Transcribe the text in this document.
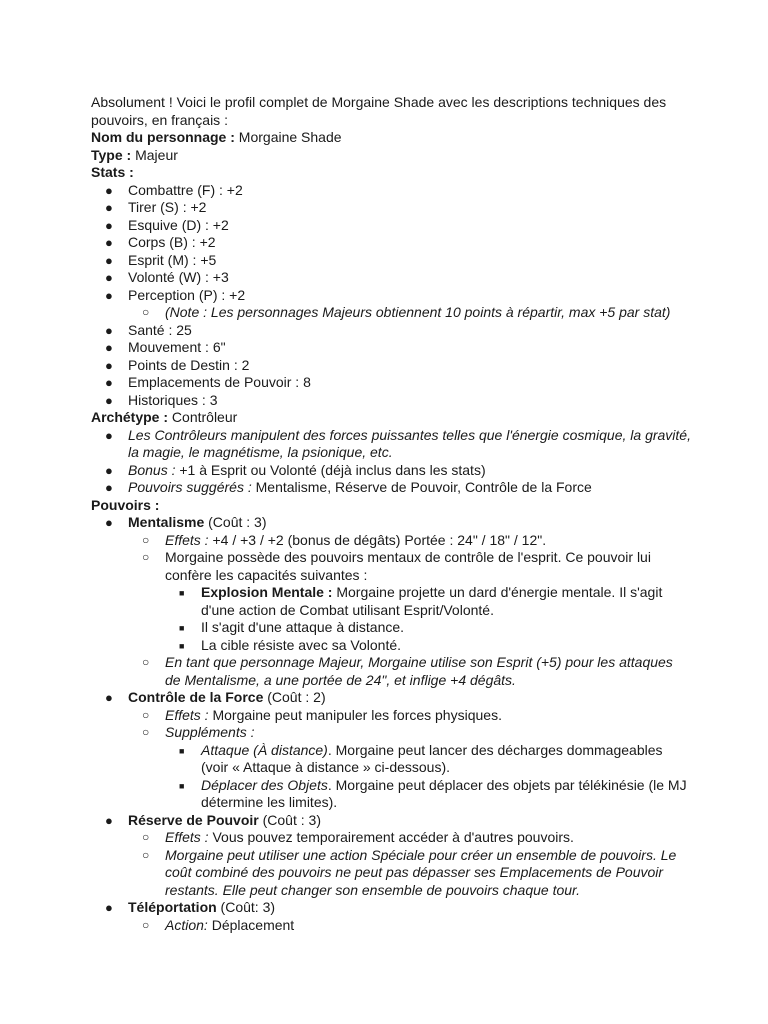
Absolument ! Voici le profil complet de Morgaine Shade avec les descriptions techniques des pouvoirs, en français :

Nom du personnage : Morgaine Shade

Type : Majeur

Stats :

● Combattre (F) : +2
● Tirer (S) : +2
● Esquive (D) : +2
● Corps (B) : +2
● Esprit (M) : +5
● Volonté (W) : +3
● Perception (P) : +2
○ (Note : Les personnages Majeurs obtiennent 10 points à répartir, max +5 par stat)
● Santé : 25
● Mouvement : 6"
● Points de Destin : 2
● Emplacements de Pouvoir : 8
● Historiques : 3

Archétype : Contrôleur

● Les Contrôleurs manipulent des forces puissantes telles que l'énergie cosmique, la gravité, la magie, le magnétisme, la psionique, etc.
● Bonus : +1 à Esprit ou Volonté (déjà inclus dans les stats)
● Pouvoirs suggérés : Mentalisme, Réserve de Pouvoir, Contrôle de la Force

Pouvoirs :

● Mentalisme (Coût : 3)
○ Effets : +4 / +3 / +2 (bonus de dégâts) Portée : 24" / 18" / 12".
○ Morgaine possède des pouvoirs mentaux de contrôle de l'esprit. Ce pouvoir lui confère les capacités suivantes :
■ Explosion Mentale : Morgaine projette un dard d'énergie mentale. Il s'agit d'une action de Combat utilisant Esprit/Volonté.
■ Il s'agit d'une attaque à distance.
■ La cible résiste avec sa Volonté.
○ En tant que personnage Majeur, Morgaine utilise son Esprit (+5) pour les attaques de Mentalisme, a une portée de 24", et inflige +4 dégâts.
● Contrôle de la Force (Coût : 2)
○ Effets : Morgaine peut manipuler les forces physiques.
○ Suppléments :
■ Attaque (À distance). Morgaine peut lancer des décharges dommageables (voir « Attaque à distance » ci-dessous).
■ Déplacer des Objets. Morgaine peut déplacer des objets par télékinésie (le MJ détermine les limites).
● Réserve de Pouvoir (Coût : 3)
○ Effets : Vous pouvez temporairement accéder à d'autres pouvoirs.
○ Morgaine peut utiliser une action Spéciale pour créer un ensemble de pouvoirs. Le coût combiné des pouvoirs ne peut pas dépasser ses Emplacements de Pouvoir restants. Elle peut changer son ensemble de pouvoirs chaque tour.
● Téléportation (Coût: 3)
○ Action: Déplacement
